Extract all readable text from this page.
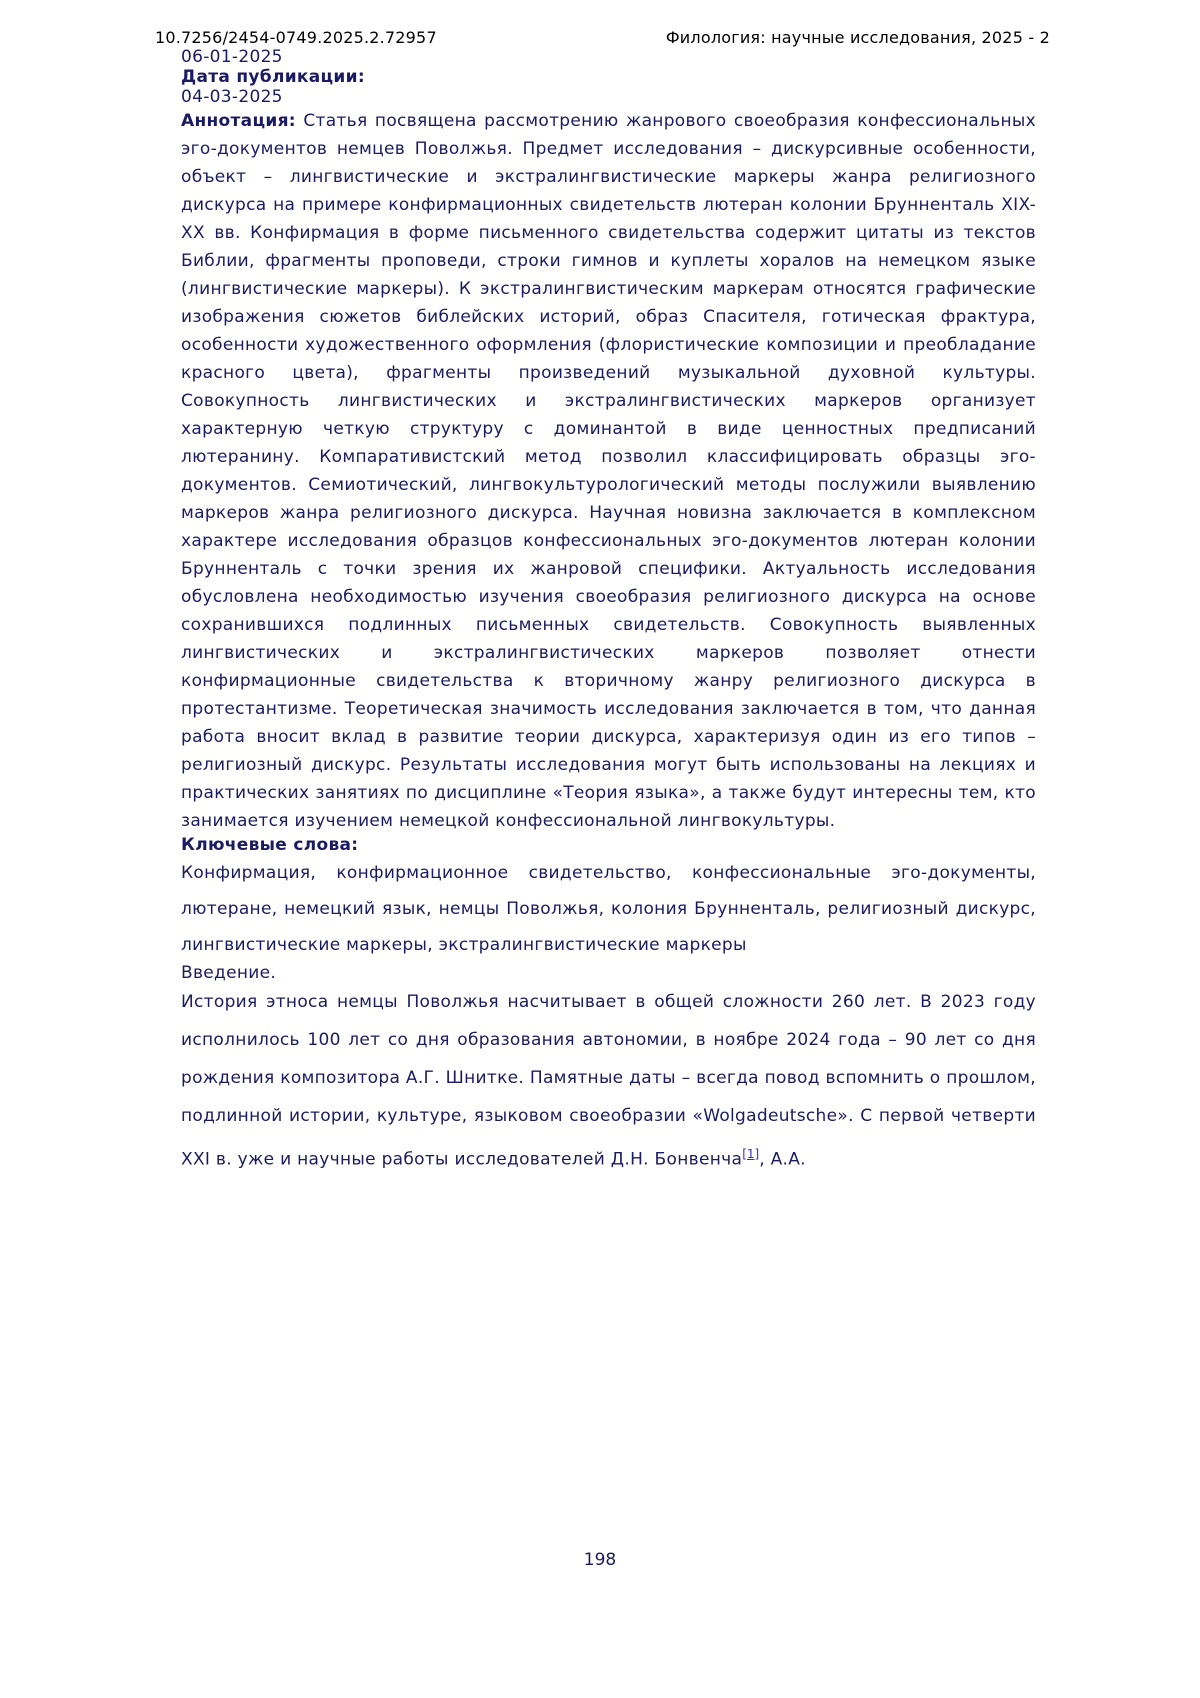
10.7256/2454-0749.2025.2.72957	Филология: научные исследования, 2025 - 2

06-01-2025

Дата публикации:

04-03-2025

Аннотация: Статья посвящена рассмотрению жанрового своеобразия конфессиональных эго-документов немцев Поволжья. Предмет исследования – дискурсивные особенности, объект – лингвистические и экстралингвистические маркеры жанра религиозного дискурса на примере конфирмационных свидетельств лютеран колонии Брунненталь XIX-XX вв. Конфирмация в форме письменного свидетельства содержит цитаты из текстов Библии, фрагменты проповеди, строки гимнов и куплеты хоралов на немецком языке (лингвистические маркеры). К экстралингвистическим маркерам относятся графические изображения сюжетов библейских историй, образ Спасителя, готическая фрактура, особенности художественного оформления (флористические композиции и преобладание красного цвета), фрагменты произведений музыкальной духовной культуры. Совокупность лингвистических и экстралингвистических маркеров организует характерную четкую структуру с доминантой в виде ценностных предписаний лютеранину. Компаративистский метод позволил классифицировать образцы эго-документов. Семиотический, лингвокультурологический методы послужили выявлению маркеров жанра религиозного дискурса. Научная новизна заключается в комплексном характере исследования образцов конфессиональных эго-документов лютеран колонии Брунненталь с точки зрения их жанровой специфики. Актуальность исследования обусловлена необходимостью изучения своеобразия религиозного дискурса на основе сохранившихся подлинных письменных свидетельств. Совокупность выявленных лингвистических и экстралингвистических маркеров позволяет отнести конфирмационные свидетельства к вторичному жанру религиозного дискурса в протестантизме. Теоретическая значимость исследования заключается в том, что данная работа вносит вклад в развитие теории дискурса, характеризуя один из его типов – религиозный дискурс. Результаты исследования могут быть использованы на лекциях и практических занятиях по дисциплине «Теория языка», а также будут интересны тем, кто занимается изучением немецкой конфессиональной лингвокультуры.

Ключевые слова:

Конфирмация, конфирмационное свидетельство, конфессиональные эго-документы, лютеране, немецкий язык, немцы Поволжья, колония Брунненталь, религиозный дискурс, лингвистические маркеры, экстралингвистические маркеры

Введение.

История этноса немцы Поволжья насчитывает в общей сложности 260 лет. В 2023 году исполнилось 100 лет со дня образования автономии, в ноябре 2024 года – 90 лет со дня рождения композитора А.Г. Шнитке. Памятные даты – всегда повод вспомнить о прошлом, подлинной истории, культуре, языковом своеобразии «Wolgadeutsche». С первой четверти XXI в. уже и научные работы исследователей Д.Н. Бонвенча[1], А.А.

198
